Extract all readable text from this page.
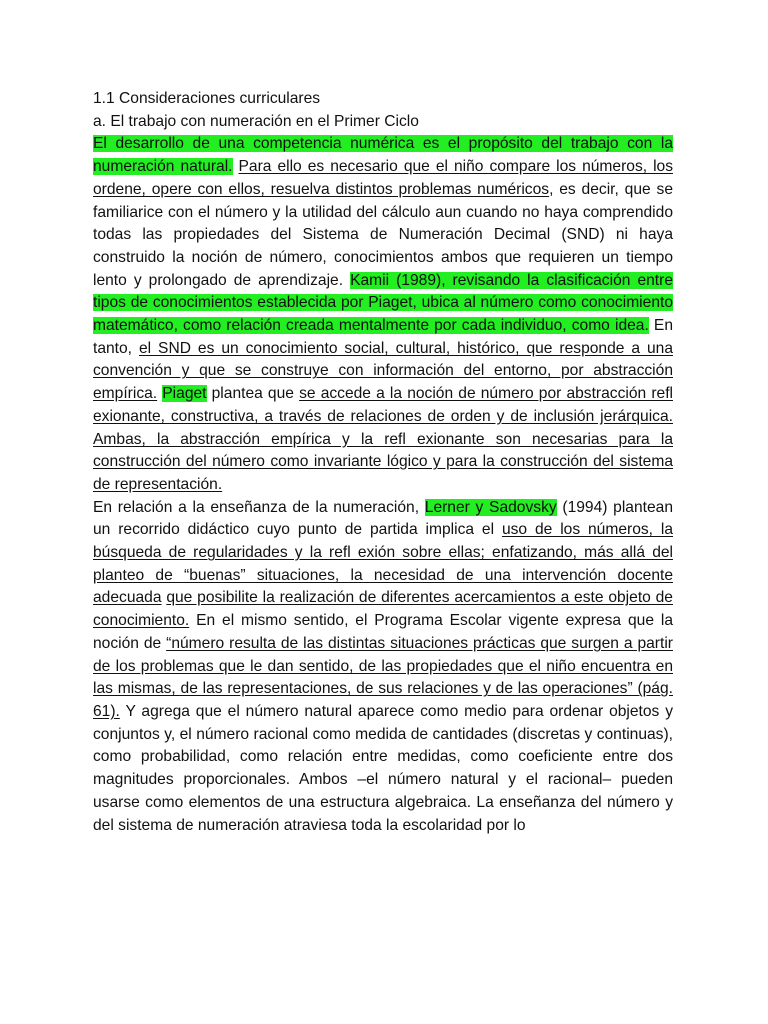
1.1 Consideraciones curriculares
a. El trabajo con numeración en el Primer Ciclo

El desarrollo de una competencia numérica es el propósito del trabajo con la numeración natural. Para ello es necesario que el niño compare los números, los ordene, opere con ellos, resuelva distintos problemas numéricos, es decir, que se familiarice con el número y la utilidad del cálculo aun cuando no haya comprendido todas las propiedades del Sistema de Numeración Decimal (SND) ni haya construido la noción de número, conocimientos ambos que requieren un tiempo lento y prolongado de aprendizaje. Kamii (1989), revisando la clasificación entre tipos de conocimientos establecida por Piaget, ubica al número como conocimiento matemático, como relación creada mentalmente por cada individuo, como idea. En tanto, el SND es un conocimiento social, cultural, histórico, que responde a una convención y que se construye con información del entorno, por abstracción empírica. Piaget plantea que se accede a la noción de número por abstracción refl exionante, constructiva, a través de relaciones de orden y de inclusión jerárquica. Ambas, la abstracción empírica y la refl exionante son necesarias para la construcción del número como invariante lógico y para la construcción del sistema de representación.

En relación a la enseñanza de la numeración, Lerner y Sadovsky (1994) plantean un recorrido didáctico cuyo punto de partida implica el uso de los números, la búsqueda de regularidades y la refl exión sobre ellas; enfatizando, más allá del planteo de “buenas” situaciones, la necesidad de una intervención docente adecuada que posibilite la realización de diferentes acercamientos a este objeto de conocimiento. En el mismo sentido, el Programa Escolar vigente expresa que la noción de “número resulta de las distintas situaciones prácticas que surgen a partir de los problemas que le dan sentido, de las propiedades que el niño encuentra en las mismas, de las representaciones, de sus relaciones y de las operaciones” (pág. 61). Y agrega que el número natural aparece como medio para ordenar objetos y conjuntos y, el número racional como medida de cantidades (discretas y continuas), como probabilidad, como relación entre medidas, como coeficiente entre dos magnitudes proporcionales. Ambos –el número natural y el racional– pueden usarse como elementos de una estructura algebraica. La enseñanza del número y del sistema de numeración atraviesa toda la escolaridad por lo
